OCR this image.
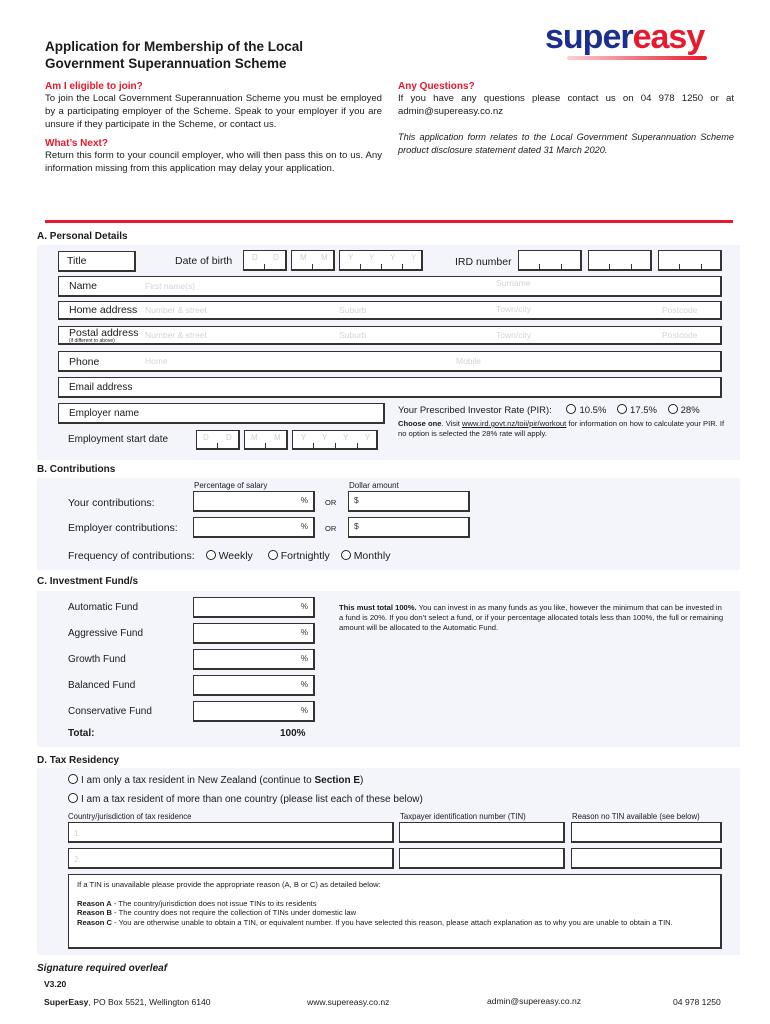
Application for Membership of the Local
Government Superannuation Scheme
supereasy
Am I eligible to join?
To join the Local Government Superannuation Scheme you must be employed by a participating employer of the Scheme. Speak to your employer if you are unsure if they participate in the Scheme, or contact us.
What’s Next?
Return this form to your council employer, who will then pass this on to us. Any information missing from this application may delay your application.
Any Questions?
If you have any questions please contact us on 04 978 1250 or at admin@supereasy.co.nz
This application form relates to the Local Government Superannuation Scheme product disclosure statement dated 31 March 2020.
A. Personal Details
Title	Date of birth D D	M M	Y Y Y Y	IRD number
Name	First name(s)	Surname
Home address Number & street	Suburb	Town/city	Postcode
Postal address
(if different to above)
Number & street	Suburb	Town/city	Postcode
Phone	Home	Mobile
Email address
Employer name
Employment start date	D D M M	Y Y Y Y
Your Prescribed Investor Rate (PIR):	10.5% 17.5% 28%
Choose one. Visit www.ird.govt.nz/toii/pir/workout for information on how to calculate your PIR. If no option is selected the 28% rate will apply.
B. Contributions
Percentage of salary	Dollar amount
Your contributions:	% OR $
Employer contributions:	% OR $
Frequency of contributions: Weekly	Fortnightly Monthly
C. Investment Fund/s
Automatic Fund	%
Aggressive Fund	%
Growth Fund	%
Balanced Fund	%
Conservative Fund	%
Total:	100%
This must total 100%. You can invest in as many funds as you like, however the minimum that can be invested in a fund is 20%. If you don’t select a fund, or if your percentage allocated totals less than 100%, the full or remaining amount will be allocated to the Automatic Fund.
D. Tax Residency
I am only a tax resident in New Zealand (continue to Section E)
I am a tax resident of more than one country (please list each of these below)
Country/jurisdiction of tax residence	Taxpayer identification number (TIN)	Reason no TIN available (see below)
1.
2.
If a TIN is unavailable please provide the appropriate reason (A, B or C) as detailed below:
Reason A - The country/jurisdiction does not issue TINs to its residents
Reason B - The country does not require the collection of TINs under domestic law
Reason C - You are otherwise unable to obtain a TIN, or equivalent number. If you have selected this reason, please attach explanation as to why you are unable to obtain a TIN.
Signature required overleaf
V3.20
SuperEasy, PO Box 5521, Wellington 6140	www.supereasy.co.nz	admin@supereasy.co.nz	04 978 1250
